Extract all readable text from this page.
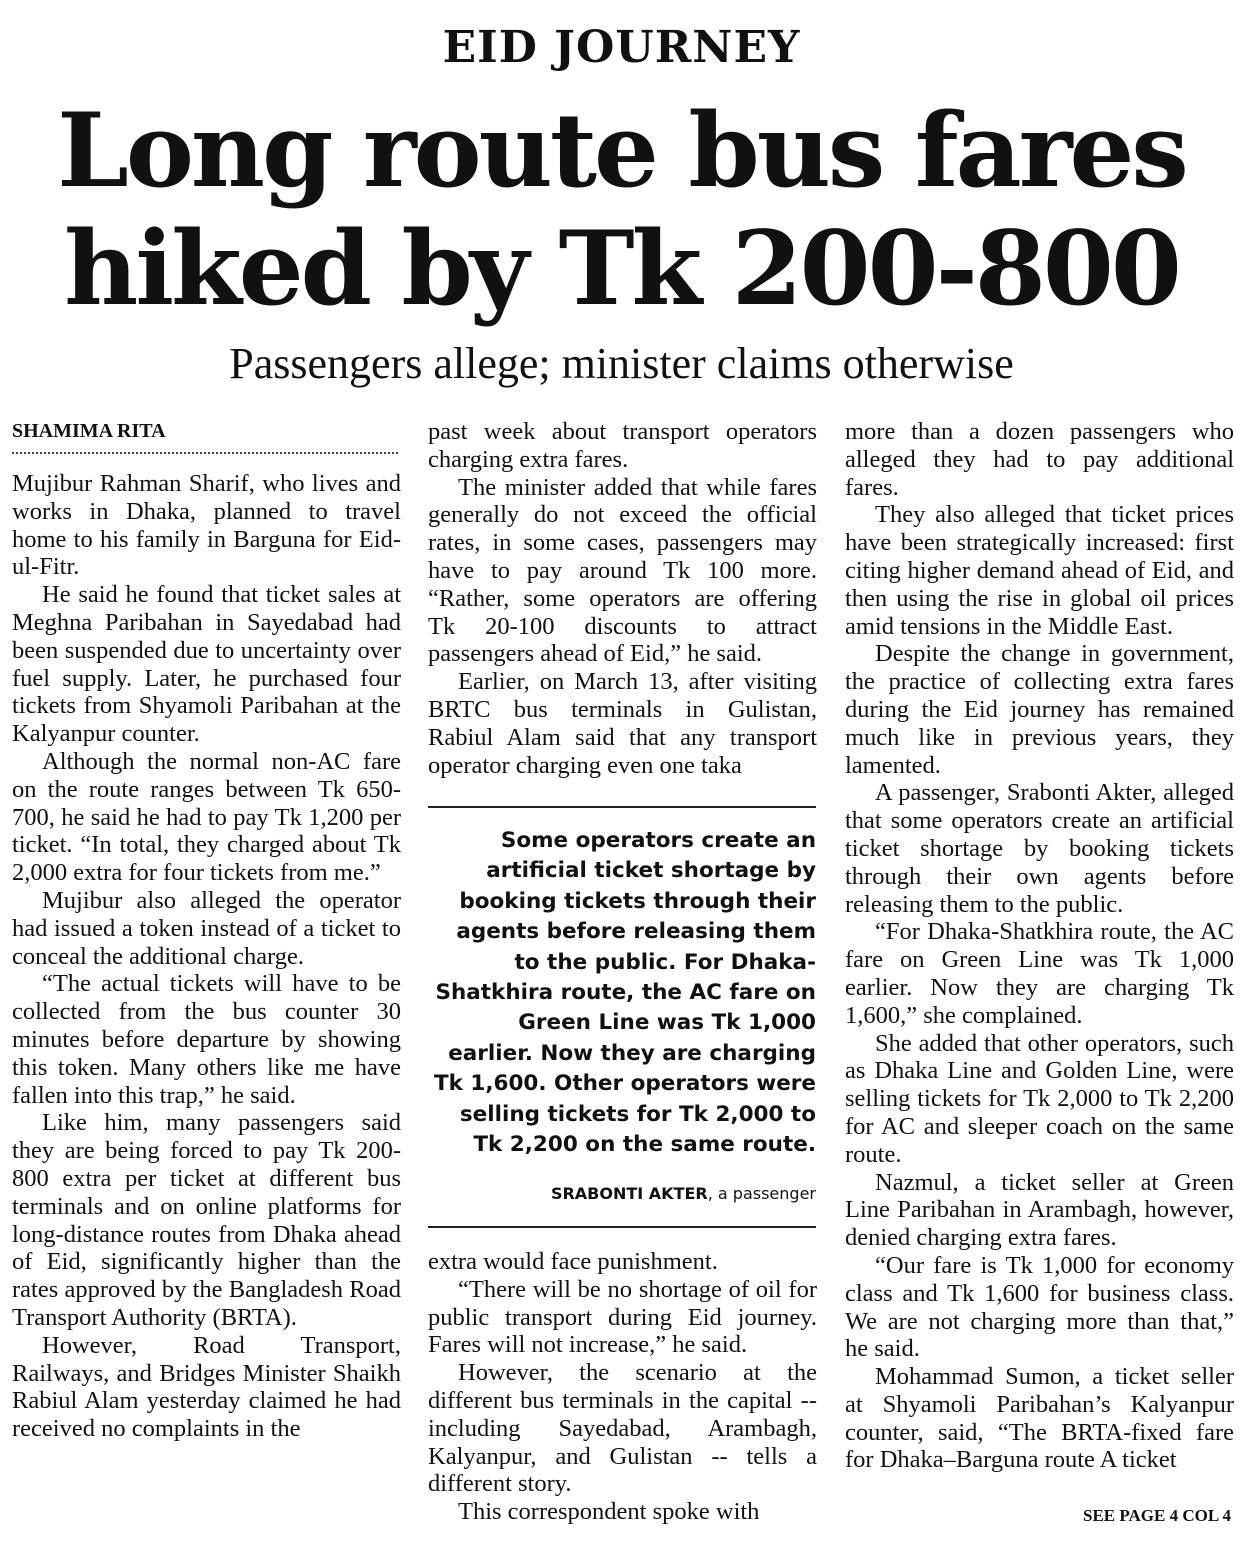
EID JOURNEY
Long route bus fares
hiked by Tk 200-800
Passengers allege; minister claims otherwise
SHAMIMA RITA

Mujibur Rahman Sharif, who lives and works in Dhaka, planned to travel home to his family in Barguna for Eid-ul-Fitr.

He said he found that ticket sales at Meghna Paribahan in Sayedabad had been suspended due to uncertainty over fuel supply. Later, he purchased four tickets from Shyamoli Paribahan at the Kalyanpur counter.

Although the normal non-AC fare on the route ranges between Tk 650-700, he said he had to pay Tk 1,200 per ticket. “In total, they charged about Tk 2,000 extra for four tickets from me.”

Mujibur also alleged the operator had issued a token instead of a ticket to conceal the additional charge.

“The actual tickets will have to be collected from the bus counter 30 minutes before departure by showing this token. Many others like me have fallen into this trap,” he said.

Like him, many passengers said they are being forced to pay Tk 200-800 extra per ticket at different bus terminals and on online platforms for long-distance routes from Dhaka ahead of Eid, significantly higher than the rates approved by the Bangladesh Road Transport Authority (BRTA).

However, Road Transport, Railways, and Bridges Minister Shaikh Rabiul Alam yesterday claimed he had received no complaints in the

past week about transport operators charging extra fares.

The minister added that while fares generally do not exceed the official rates, in some cases, passengers may have to pay around Tk 100 more. “Rather, some operators are offering Tk 20-100 discounts to attract passengers ahead of Eid,” he said.

Earlier, on March 13, after visiting BRTC bus terminals in Gulistan, Rabiul Alam said that any transport operator charging even one taka

Some operators create an artificial ticket shortage by booking tickets through their agents before releasing them to the public. For Dhaka-Shatkhira route, the AC fare on Green Line was Tk 1,000 earlier. Now they are charging Tk 1,600. Other operators were selling tickets for Tk 2,000 to Tk 2,200 on the same route.
SRABONTI AKTER, a passenger

extra would face punishment.

“There will be no shortage of oil for public transport during Eid journey. Fares will not increase,” he said.

However, the scenario at the different bus terminals in the capital -- including Sayedabad, Arambagh, Kalyanpur, and Gulistan -- tells a different story.

This correspondent spoke with

more than a dozen passengers who alleged they had to pay additional fares.

They also alleged that ticket prices have been strategically increased: first citing higher demand ahead of Eid, and then using the rise in global oil prices amid tensions in the Middle East.

Despite the change in government, the practice of collecting extra fares during the Eid journey has remained much like in previous years, they lamented.

A passenger, Srabonti Akter, alleged that some operators create an artificial ticket shortage by booking tickets through their own agents before releasing them to the public.

“For Dhaka-Shatkhira route, the AC fare on Green Line was Tk 1,000 earlier. Now they are charging Tk 1,600,” she complained.

She added that other operators, such as Dhaka Line and Golden Line, were selling tickets for Tk 2,000 to Tk 2,200 for AC and sleeper coach on the same route.

Nazmul, a ticket seller at Green Line Paribahan in Arambagh, however, denied charging extra fares.

“Our fare is Tk 1,000 for economy class and Tk 1,600 for business class. We are not charging more than that,” he said.

Mohammad Sumon, a ticket seller at Shyamoli Paribahan’s Kalyanpur counter, said, “The BRTA-fixed fare for Dhaka–Barguna route A ticket

SEE PAGE 4 COL 4
